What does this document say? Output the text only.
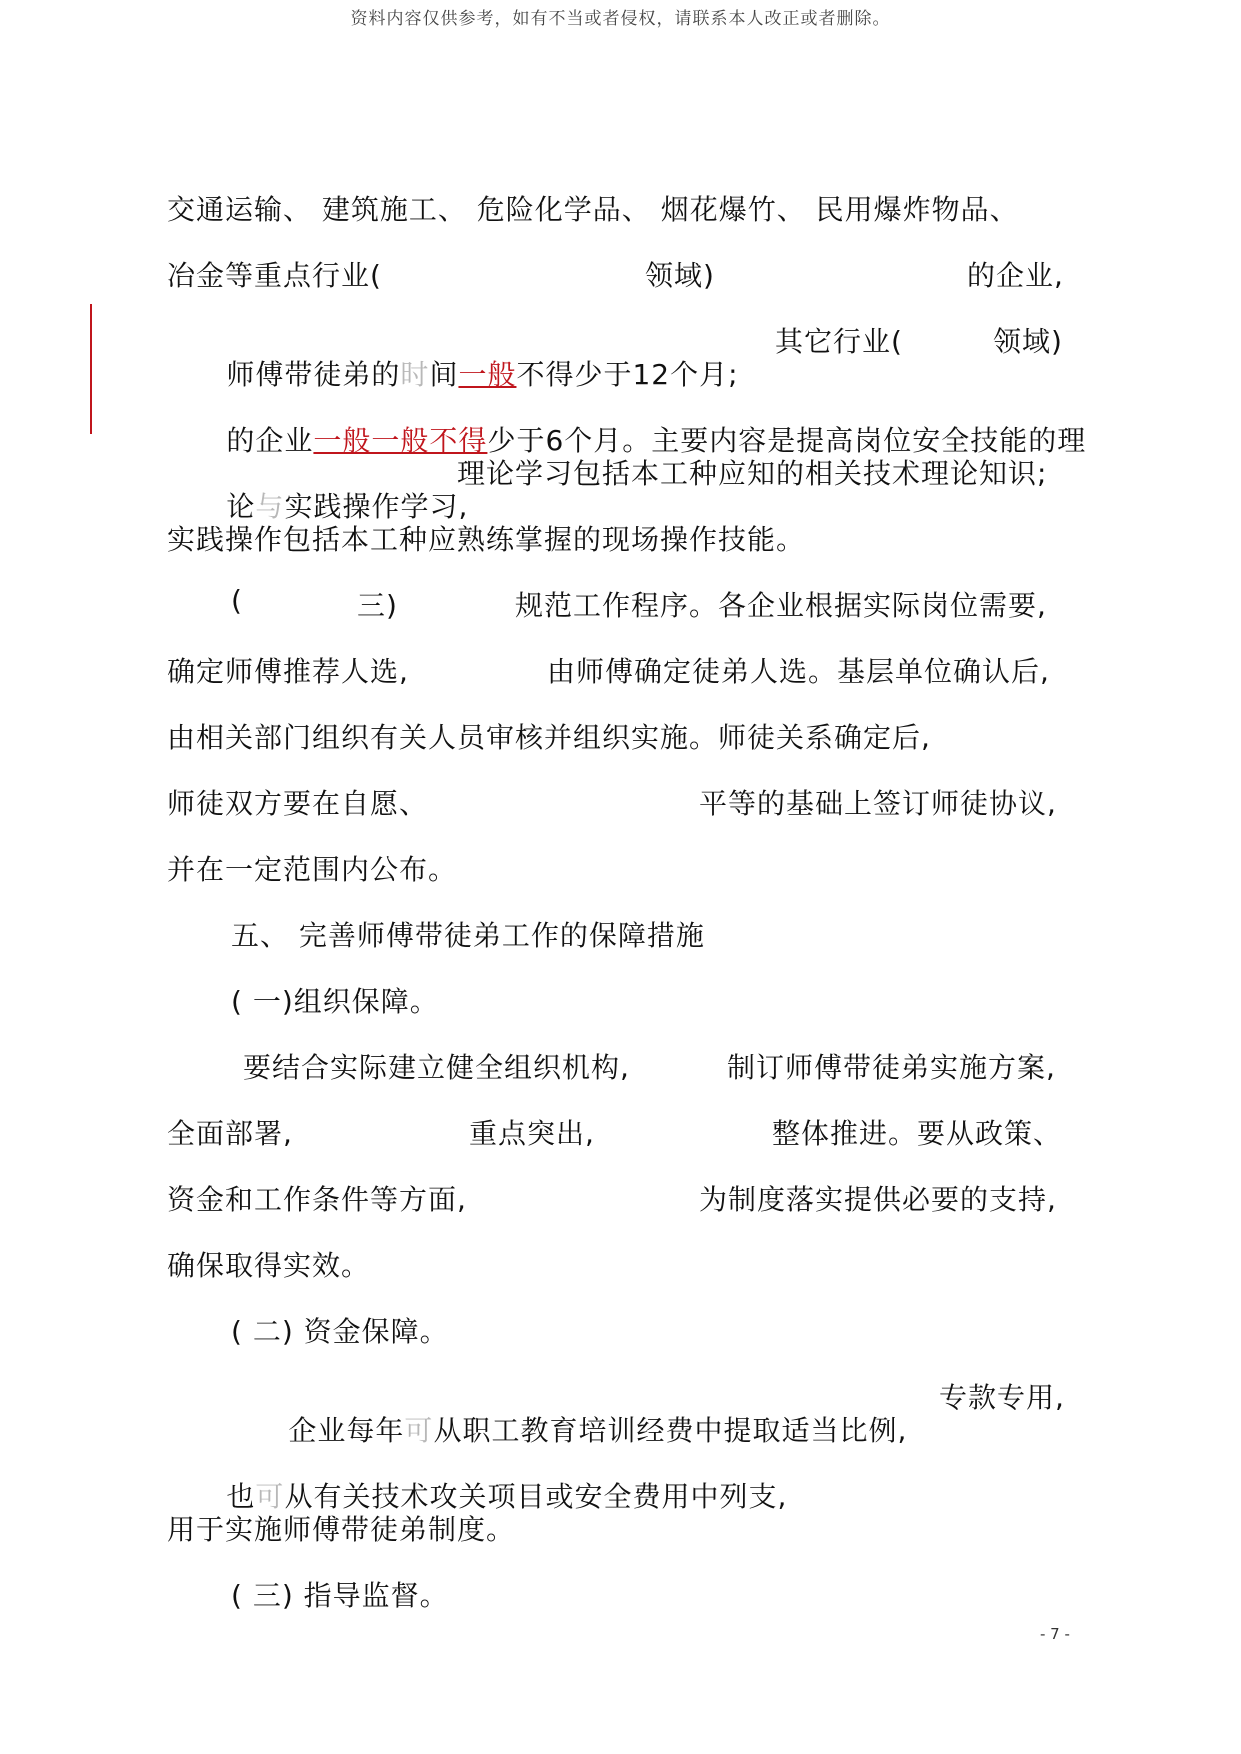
资料内容仅供参考，如有不当或者侵权，请联系本人改正或者删除。

交通运输、 建筑施工、 危险化学品、 烟花爆竹、 民用爆炸物品、

冶金等重点行业(

	领域)

	的企业,

师傅带徒弟的时间一般不得少于12个月;

其它行业(

	领域)

的企业一般一般不得少于6个月。主要内容是提高岗位安全技能的理

论与实践操作学习,

理论学习包括本工种应知的相关技术理论知识;

实践操作包括本工种应熟练掌握的现场操作技能。

(

	三)

	规范工作程序。各企业根据实际岗位需要,

确定师傅推荐人选,

	由师傅确定徒弟人选。基层单位确认后,

由相关部门组织有关人员审核并组织实施。师徒关系确定后,

师徒双方要在自愿、

	平等的基础上签订师徒协议,

并在一定范围内公布。

五、 完善师傅带徒弟工作的保障措施

( 一)组织保障。

要结合实际建立健全组织机构,

	制订师傅带徒弟实施方案,

全面部署,

	重点突出,

	整体推进。要从政策、

资金和工作条件等方面,

	为制度落实提供必要的支持,

确保取得实效。

( 二) 资金保障。

企业每年可从职工教育培训经费中提取适当比例,

专款专用,

也可从有关技术攻关项目或安全费用中列支,

用于实施师傅带徒弟制度。

( 三) 指导监督。

- 7 -
